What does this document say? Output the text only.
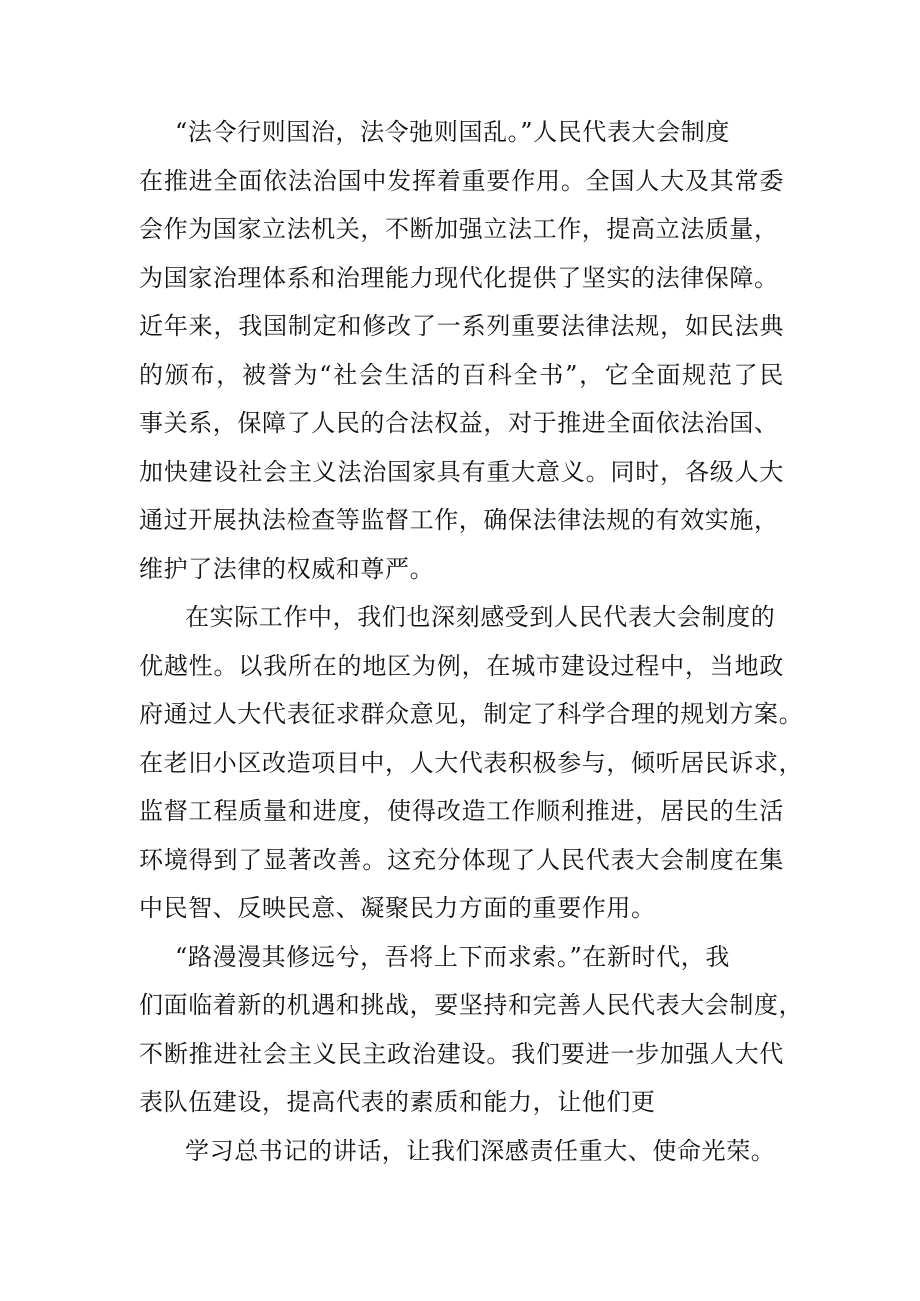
“法令行则国治，法令弛则国乱。”人民代表大会制度
在推进全面依法治国中发挥着重要作用。全国人大及其常委
会作为国家立法机关，不断加强立法工作，提高立法质量，
为国家治理体系和治理能力现代化提供了坚实的法律保障。
近年来，我国制定和修改了一系列重要法律法规，如民法典
的颁布，被誉为“社会生活的百科全书”，它全面规范了民
事关系，保障了人民的合法权益，对于推进全面依法治国、
加快建设社会主义法治国家具有重大意义。同时，各级人大
通过开展执法检查等监督工作，确保法律法规的有效实施，
维护了法律的权威和尊严。
在实际工作中，我们也深刻感受到人民代表大会制度的
优越性。以我所在的地区为例，在城市建设过程中，当地政
府通过人大代表征求群众意见，制定了科学合理的规划方案。
在老旧小区改造项目中，人大代表积极参与，倾听居民诉求，
监督工程质量和进度，使得改造工作顺利推进，居民的生活
环境得到了显著改善。这充分体现了人民代表大会制度在集
中民智、反映民意、凝聚民力方面的重要作用。
“路漫漫其修远兮，吾将上下而求索。”在新时代，我
们面临着新的机遇和挑战，要坚持和完善人民代表大会制度，
不断推进社会主义民主政治建设。我们要进一步加强人大代
表队伍建设，提高代表的素质和能力，让他们更
学习总书记的讲话，让我们深感责任重大、使命光荣。
